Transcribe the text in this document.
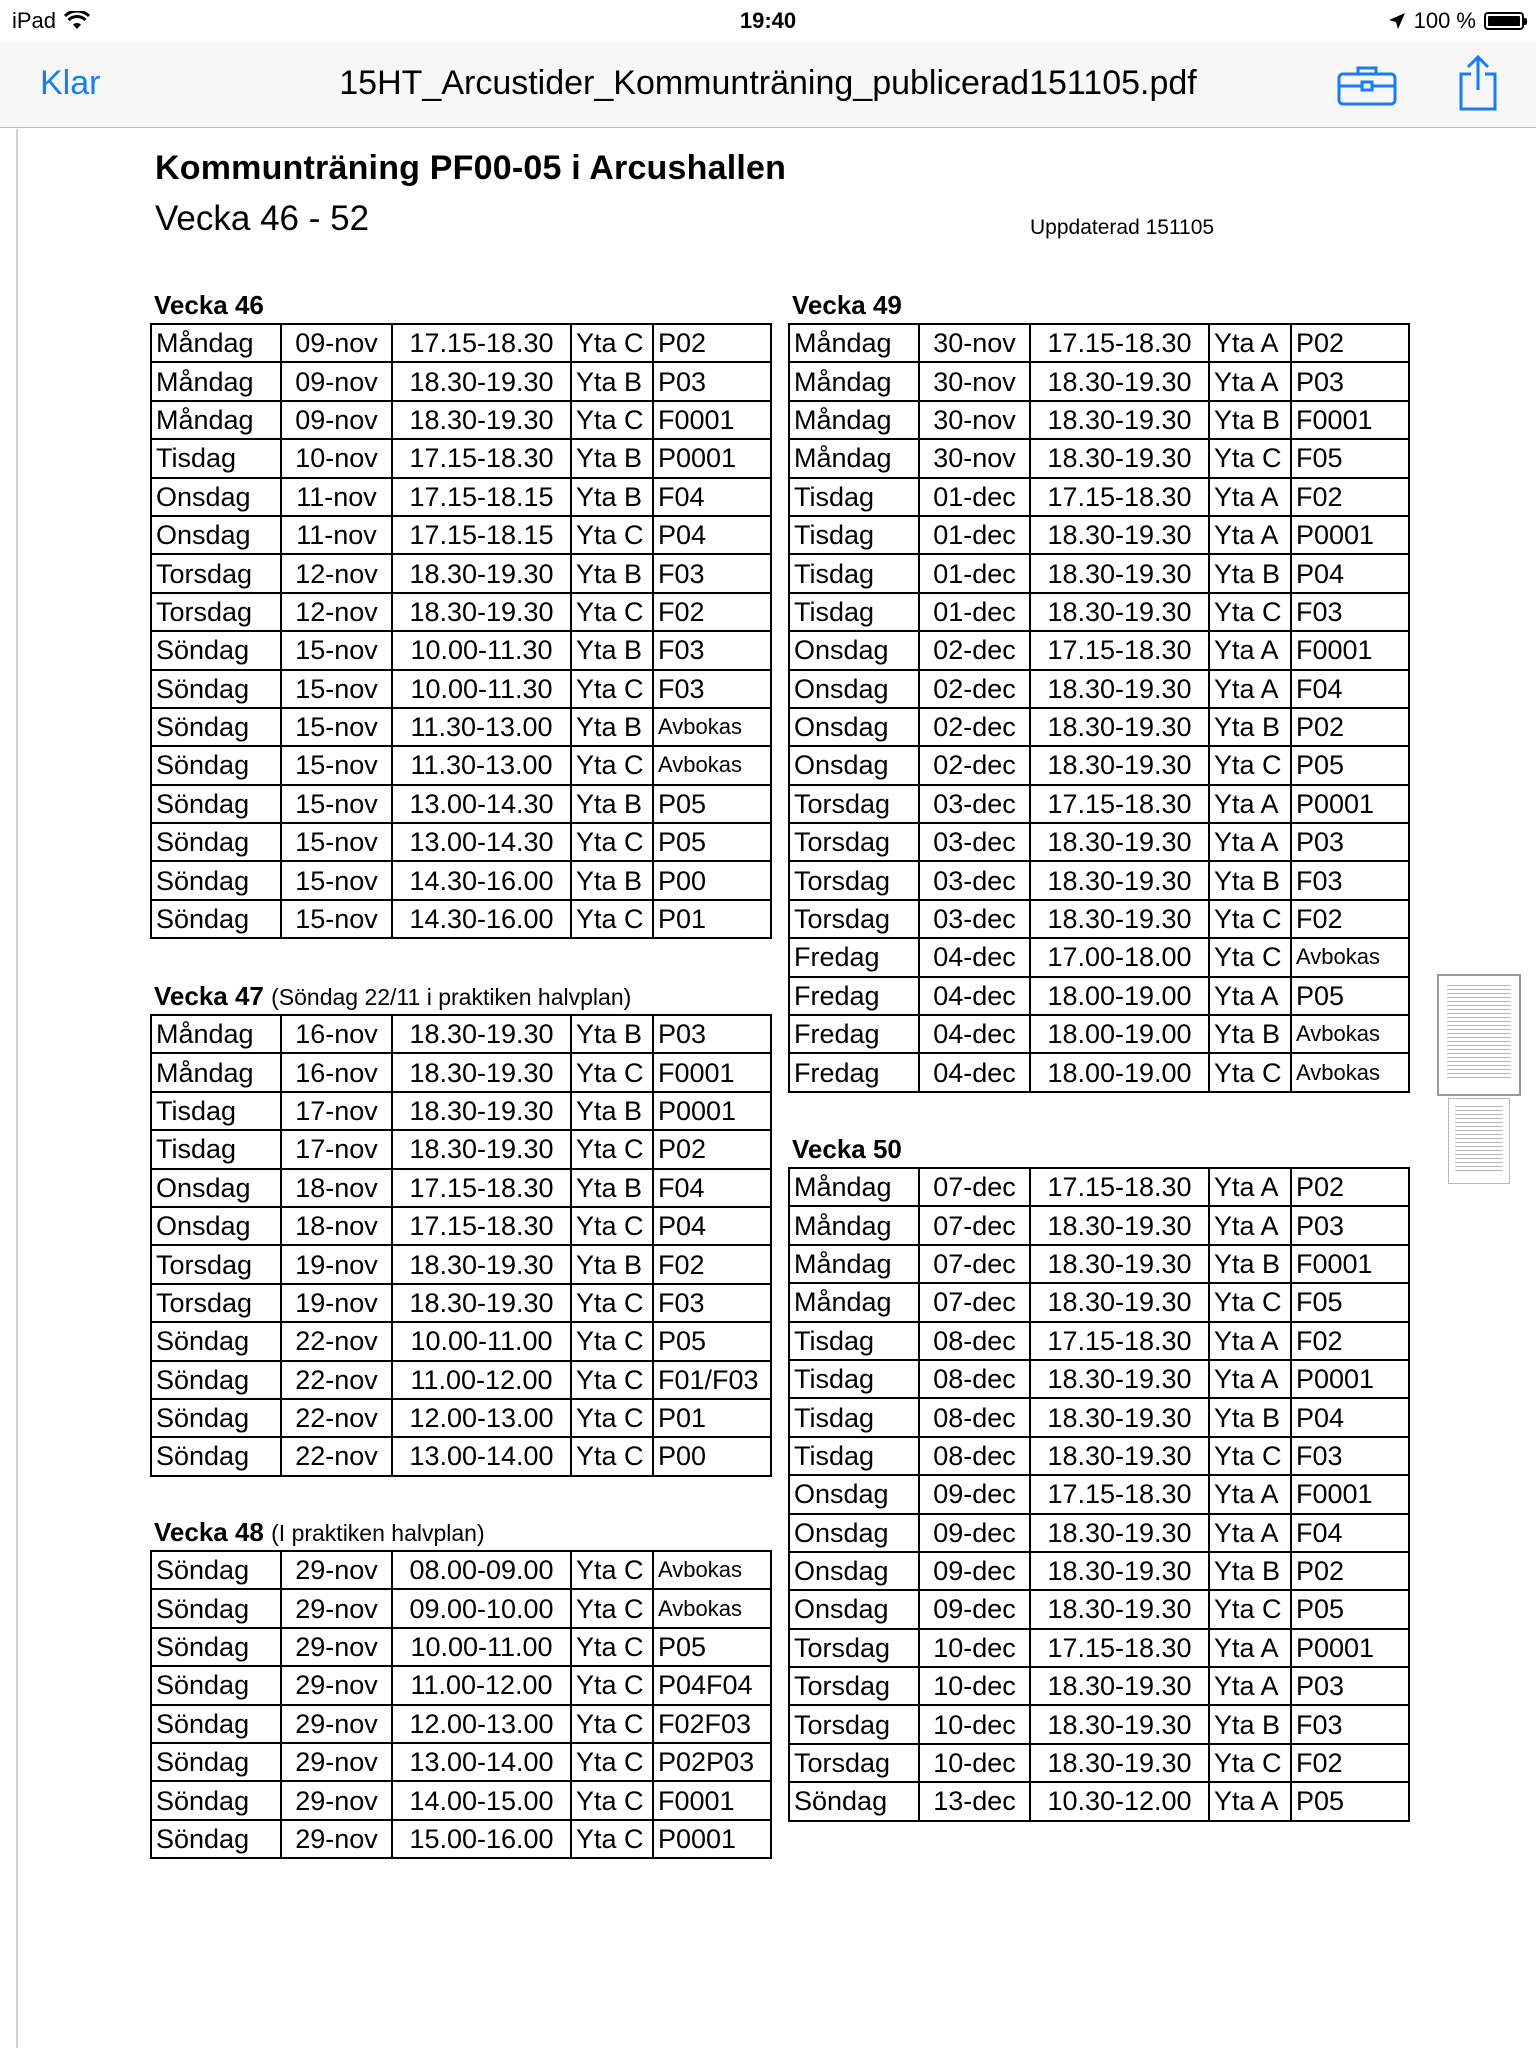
iPad	19:40	100 %
Klar	15HT_Arcustider_Kommunträning_publicerad151105.pdf
Kommunträning PF00-05 i Arcushallen
Vecka 46 - 52	Uppdaterad 151105
Vecka 46
Måndag	09-nov	17.15-18.30	Yta C	P02
Måndag	09-nov	18.30-19.30	Yta B	P03
Måndag	09-nov	18.30-19.30	Yta C	F0001
Tisdag	10-nov	17.15-18.30	Yta B	P0001
Onsdag	11-nov	17.15-18.15	Yta B	F04
Onsdag	11-nov	17.15-18.15	Yta C	P04
Torsdag	12-nov	18.30-19.30	Yta B	F03
Torsdag	12-nov	18.30-19.30	Yta C	F02
Söndag	15-nov	10.00-11.30	Yta B	F03
Söndag	15-nov	10.00-11.30	Yta C	F03
Söndag	15-nov	11.30-13.00	Yta B	Avbokas
Söndag	15-nov	11.30-13.00	Yta C	Avbokas
Söndag	15-nov	13.00-14.30	Yta B	P05
Söndag	15-nov	13.00-14.30	Yta C	P05
Söndag	15-nov	14.30-16.00	Yta B	P00
Söndag	15-nov	14.30-16.00	Yta C	P01
Vecka 47 (Söndag 22/11 i praktiken halvplan)
Måndag	16-nov	18.30-19.30	Yta B	P03
Måndag	16-nov	18.30-19.30	Yta C	F0001
Tisdag	17-nov	18.30-19.30	Yta B	P0001
Tisdag	17-nov	18.30-19.30	Yta C	P02
Onsdag	18-nov	17.15-18.30	Yta B	F04
Onsdag	18-nov	17.15-18.30	Yta C	P04
Torsdag	19-nov	18.30-19.30	Yta B	F02
Torsdag	19-nov	18.30-19.30	Yta C	F03
Söndag	22-nov	10.00-11.00	Yta C	P05
Söndag	22-nov	11.00-12.00	Yta C	F01/F03
Söndag	22-nov	12.00-13.00	Yta C	P01
Söndag	22-nov	13.00-14.00	Yta C	P00
Vecka 48 (I praktiken halvplan)
Söndag	29-nov	08.00-09.00	Yta C	Avbokas
Söndag	29-nov	09.00-10.00	Yta C	Avbokas
Söndag	29-nov	10.00-11.00	Yta C	P05
Söndag	29-nov	11.00-12.00	Yta C	P04F04
Söndag	29-nov	12.00-13.00	Yta C	F02F03
Söndag	29-nov	13.00-14.00	Yta C	P02P03
Söndag	29-nov	14.00-15.00	Yta C	F0001
Söndag	29-nov	15.00-16.00	Yta C	P0001
Vecka 49
Måndag	30-nov	17.15-18.30	Yta A	P02
Måndag	30-nov	18.30-19.30	Yta A	P03
Måndag	30-nov	18.30-19.30	Yta B	F0001
Måndag	30-nov	18.30-19.30	Yta C	F05
Tisdag	01-dec	17.15-18.30	Yta A	F02
Tisdag	01-dec	18.30-19.30	Yta A	P0001
Tisdag	01-dec	18.30-19.30	Yta B	P04
Tisdag	01-dec	18.30-19.30	Yta C	F03
Onsdag	02-dec	17.15-18.30	Yta A	F0001
Onsdag	02-dec	18.30-19.30	Yta A	F04
Onsdag	02-dec	18.30-19.30	Yta B	P02
Onsdag	02-dec	18.30-19.30	Yta C	P05
Torsdag	03-dec	17.15-18.30	Yta A	P0001
Torsdag	03-dec	18.30-19.30	Yta A	P03
Torsdag	03-dec	18.30-19.30	Yta B	F03
Torsdag	03-dec	18.30-19.30	Yta C	F02
Fredag	04-dec	17.00-18.00	Yta C	Avbokas
Fredag	04-dec	18.00-19.00	Yta A	P05
Fredag	04-dec	18.00-19.00	Yta B	Avbokas
Fredag	04-dec	18.00-19.00	Yta C	Avbokas
Vecka 50
Måndag	07-dec	17.15-18.30	Yta A	P02
Måndag	07-dec	18.30-19.30	Yta A	P03
Måndag	07-dec	18.30-19.30	Yta B	F0001
Måndag	07-dec	18.30-19.30	Yta C	F05
Tisdag	08-dec	17.15-18.30	Yta A	F02
Tisdag	08-dec	18.30-19.30	Yta A	P0001
Tisdag	08-dec	18.30-19.30	Yta B	P04
Tisdag	08-dec	18.30-19.30	Yta C	F03
Onsdag	09-dec	17.15-18.30	Yta A	F0001
Onsdag	09-dec	18.30-19.30	Yta A	F04
Onsdag	09-dec	18.30-19.30	Yta B	P02
Onsdag	09-dec	18.30-19.30	Yta C	P05
Torsdag	10-dec	17.15-18.30	Yta A	P0001
Torsdag	10-dec	18.30-19.30	Yta A	P03
Torsdag	10-dec	18.30-19.30	Yta B	F03
Torsdag	10-dec	18.30-19.30	Yta C	F02
Söndag	13-dec	10.30-12.00	Yta A	P05
